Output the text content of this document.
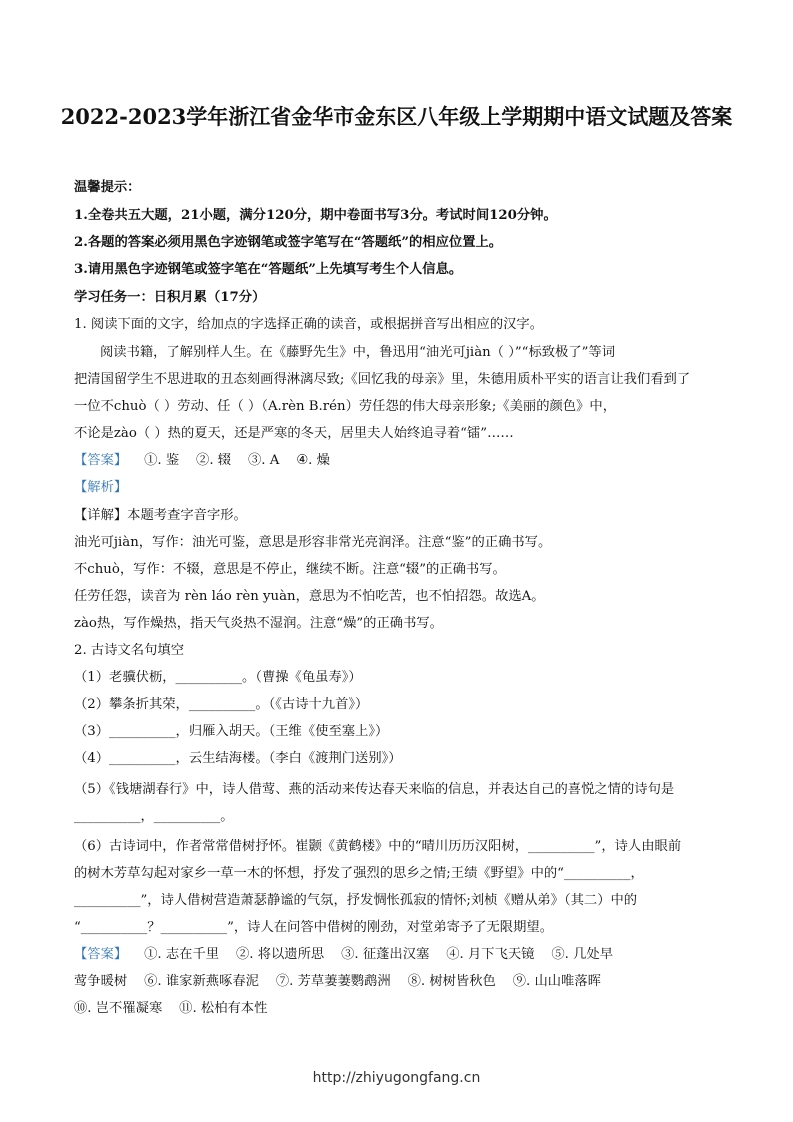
2022-2023学年浙江省金华市金东区八年级上学期期中语文试题及答案
温馨提示：
1.全卷共五大题，21小题，满分120分，期中卷面书写3分。考试时间120分钟。
2.各题的答案必须用黑色字迹钢笔或签字笔写在“答题纸”的相应位置上。
3.请用黑色字迹钢笔或签字笔在“答题纸”上先填写考生个人信息。
学习任务一：日积月累（17分）
1. 阅读下面的文字，给加点的字选择正确的读音，或根据拼音写出相应的汉字。
阅读书籍，了解别样人生。在《藤野先生》中，鲁迅用“油光可jiàn（ ）”“标致极了”等词
把清国留学生不思进取的丑态刻画得淋漓尽致;《回忆我的母亲》里，朱德用质朴平实的语言让我们看到了
一位不chuò（ ）劳动、任（ ）（A.rèn B.rén）劳任怨的伟大母亲形象;《美丽的颜色》中，
不论是zào（ ）热的夏天，还是严寒的冬天，居里夫人始终追寻着“镭”……
【答案】    ①. 鉴    ②. 辍    ③. A    ④. 燥
【解析】
【详解】本题考查字音字形。
油光可jiàn，写作：油光可鉴，意思是形容非常光亮润泽。注意“鉴”的正确书写。
不chuò，写作：不辍，意思是不停止，继续不断。注意“辍”的正确书写。
任劳任怨，读音为 rèn láo rèn yuàn，意思为不怕吃苦，也不怕招怨。故选A。
zào热，写作燥热，指天气炎热不湿润。注意“燥”的正确书写。
2. 古诗文名句填空
（1）老骥伏枥，__________。（曹操《龟虽寿》）
（2）攀条折其荣，__________。（《古诗十九首》）
（3）__________，归雁入胡天。（王维《使至塞上》）
（4）__________，云生结海楼。（李白《渡荆门送别》）
（5）《钱塘湖春行》中，诗人借莺、燕的活动来传达春天来临的信息，并表达自己的喜悦之情的诗句是
__________，__________。
（6）古诗词中，作者常常借树抒怀。崔颢《黄鹤楼》中的“晴川历历汉阳树，__________”，诗人由眼前
的树木芳草勾起对家乡一草一木的怀想，抒发了强烈的思乡之情;王绩《野望》中的“__________，
__________”，诗人借树营造萧瑟静谧的气氛，抒发惆怅孤寂的情怀;刘桢《赠从弟》（其二）中的
“__________？__________”，诗人在问答中借树的刚劲，对堂弟寄予了无限期望。
【答案】    ①. 志在千里    ②. 将以遗所思    ③. 征蓬出汉塞    ④. 月下飞天镜    ⑤. 几处早
莺争暖树    ⑥. 谁家新燕啄春泥    ⑦. 芳草萋萋鹦鹉洲    ⑧. 树树皆秋色    ⑨. 山山唯落晖
⑩. 岂不罹凝寒    ⑪. 松柏有本性
http://zhiyugongfang.cn
